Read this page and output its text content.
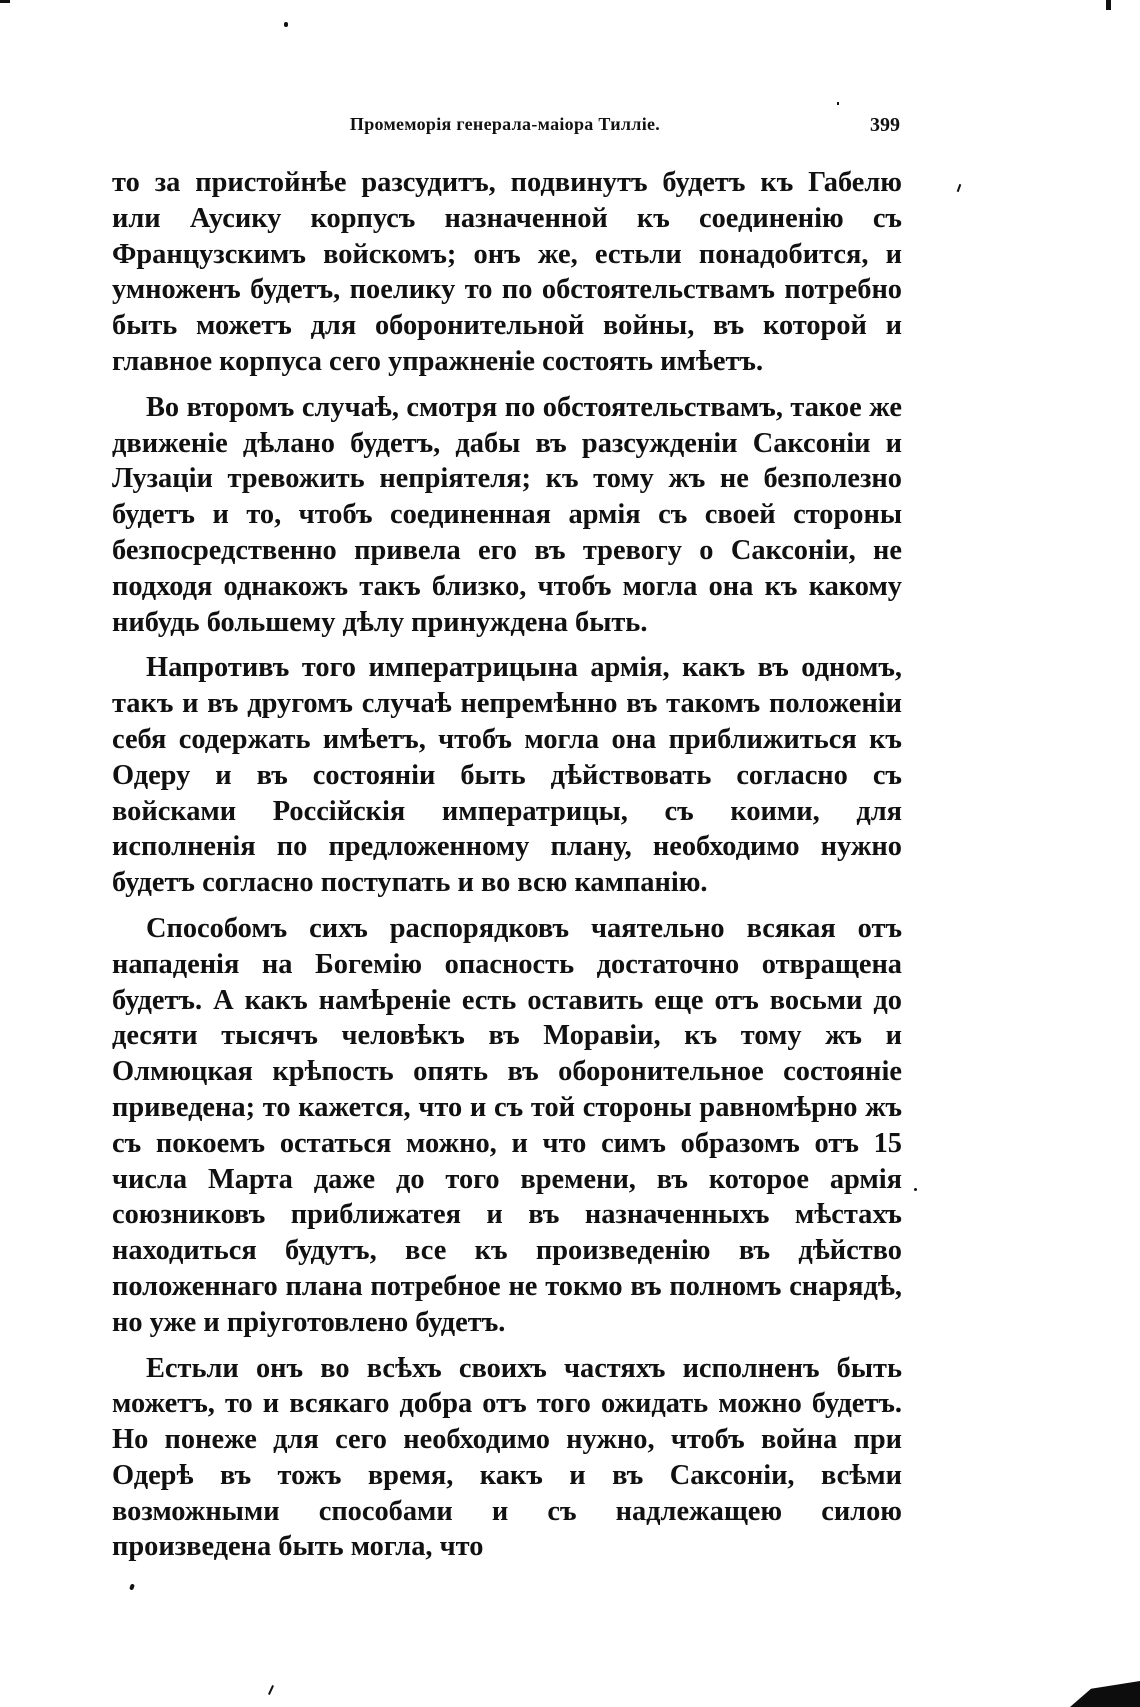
Промеморія генерала-маіора Тиллie.	399

то за пристойнѣе разсудитъ, подвинутъ будетъ къ Габелю или Аусику корпусъ назначенной къ соединенію съ Французскимъ войскомъ; онъ же, естьли понадобится, и умноженъ будетъ, поелику то по обстоятельствамъ потребно быть можетъ для оборонительной войны, въ которой и главное корпуса сего упражненіе состоять имѣетъ.

Во второмъ случаѣ, смотря по обстоятельствамъ, такое же движеніе дѣлано будетъ, дабы въ разсужденіи Саксоніи и Лузаціи тревожить непріятеля; къ тому жъ не безполезно будетъ и то, чтобъ соединенная армія съ своей стороны безпосредственно привела его въ тревогу о Саксоніи, не подходя однакожъ такъ близко, чтобъ могла она къ какому нибудь большему дѣлу принуждена быть.

Напротивъ того императрицына армія, какъ въ одномъ, такъ и въ другомъ случаѣ непремѣнно въ такомъ положеніи себя содержать имѣетъ, чтобъ могла она приближиться къ Одеру и въ состояніи быть дѣйствовать согласно съ войсками Россійскія императрицы, съ коими, для исполненія по предложенному плану, необходимо нужно будетъ согласно поступать и во всю кампанію.

Способомъ сихъ распорядковъ чаятельно всякая отъ нападенія на Богемію опасность достаточно отвращена будетъ. А какъ намѣреніе есть оставить еще отъ восьми до десяти тысячъ человѣкъ въ Моравіи, къ тому жъ и Олмюцкая крѣпость опять въ оборонительное состояніе приведена; то кажется, что и съ той стороны равномѣрно жъ съ покоемъ остаться можно, и что симъ образомъ отъ 15 числа Марта даже до того времени, въ которое армія союзниковъ приближатея и въ назначенныхъ мѣстахъ находиться будутъ, все къ произведенію въ дѣйство положеннаго плана потребное не токмо въ полномъ снарядѣ, но уже и пріуготовлено будетъ.

Естьли онъ во всѣхъ своихъ частяхъ исполненъ быть можетъ, то и всякаго добра отъ того ожидать можно будетъ. Но понеже для сего необходимо нужно, чтобъ война при Одерѣ въ тожъ время, какъ и въ Саксоніи, всѣми возможными способами и съ надлежащею силою произведена быть могла, что
